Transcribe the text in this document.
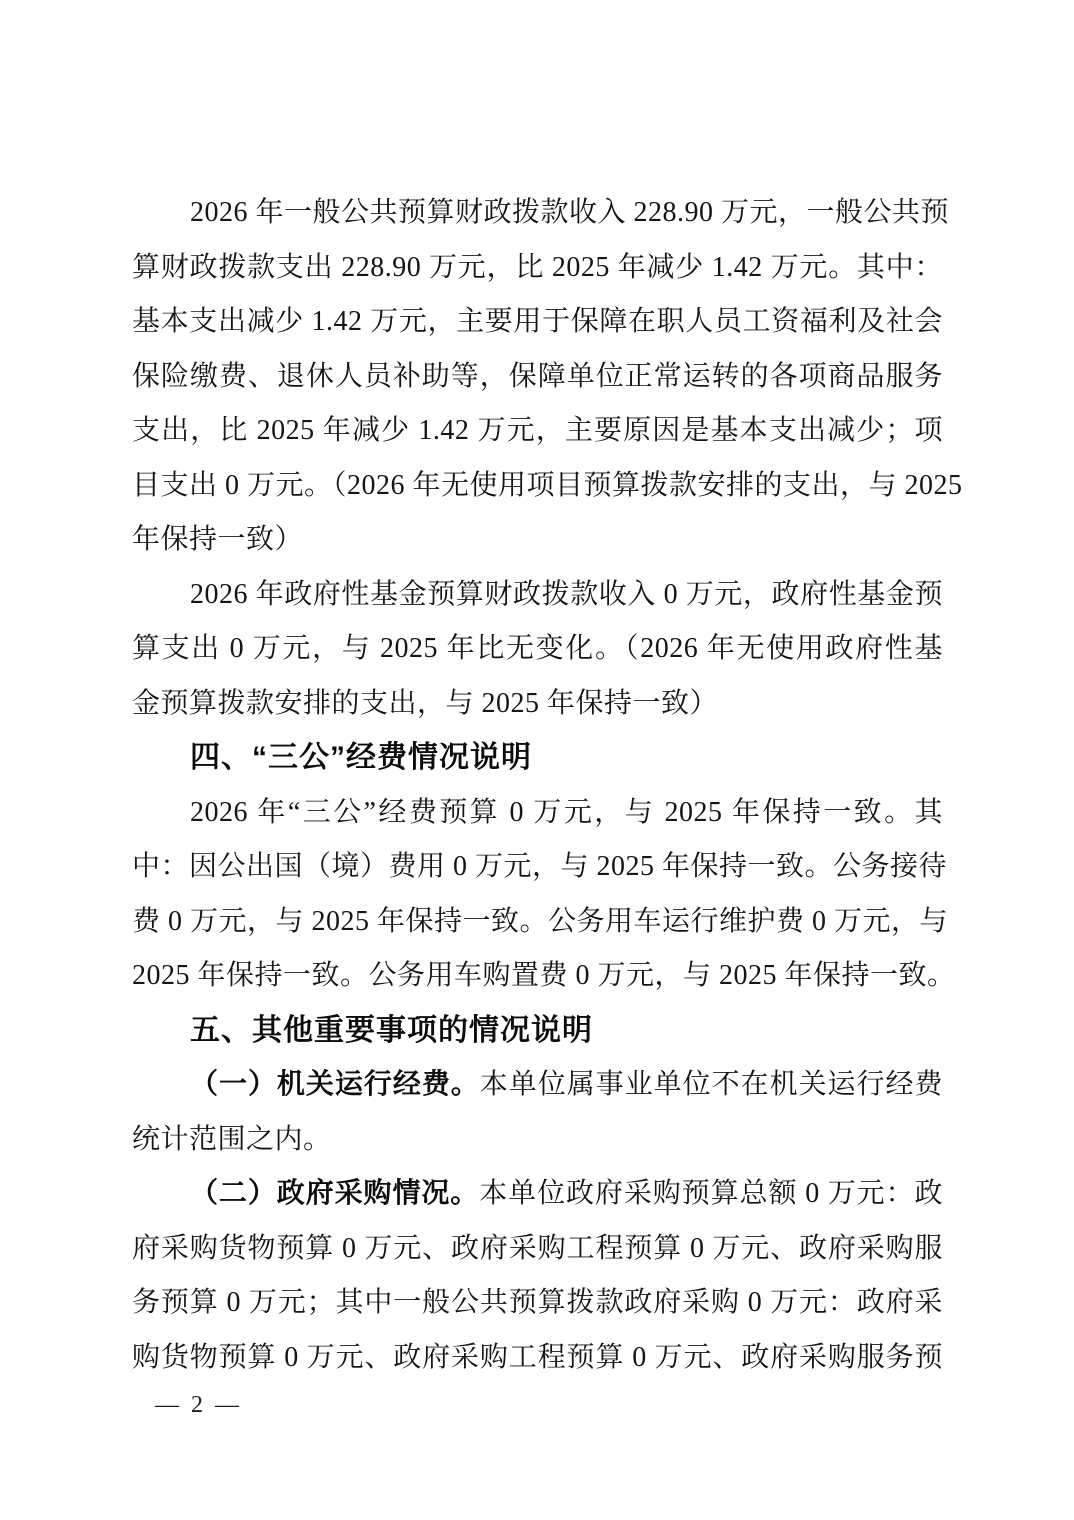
2026 年一般公共预算财政拨款收入 228.90 万元，一般公共预
算财政拨款支出 228.90 万元，比 2025 年减少 1.42 万元。其中：
基本支出减少 1.42 万元，主要用于保障在职人员工资福利及社会
保险缴费、退休人员补助等，保障单位正常运转的各项商品服务
支出，比 2025 年减少 1.42 万元，主要原因是基本支出减少；项
目支出 0 万元。（2026 年无使用项目预算拨款安排的支出，与 2025
年保持一致）
2026 年政府性基金预算财政拨款收入 0 万元，政府性基金预
算支出 0 万元，与 2025 年比无变化。（2026 年无使用政府性基
金预算拨款安排的支出，与 2025 年保持一致）
四、“三公”经费情况说明
2026 年“三公”经费预算 0 万元，与 2025 年保持一致。其
中：因公出国（境）费用 0 万元，与 2025 年保持一致。公务接待
费 0 万元，与 2025 年保持一致。公务用车运行维护费 0 万元，与
2025 年保持一致。公务用车购置费 0 万元，与 2025 年保持一致。
五、其他重要事项的情况说明
（一）机关运行经费。本单位属事业单位不在机关运行经费
统计范围之内。
（二）政府采购情况。本单位政府采购预算总额 0 万元：政
府采购货物预算 0 万元、政府采购工程预算 0 万元、政府采购服
务预算 0 万元；其中一般公共预算拨款政府采购 0 万元：政府采
购货物预算 0 万元、政府采购工程预算 0 万元、政府采购服务预
— 2 —
